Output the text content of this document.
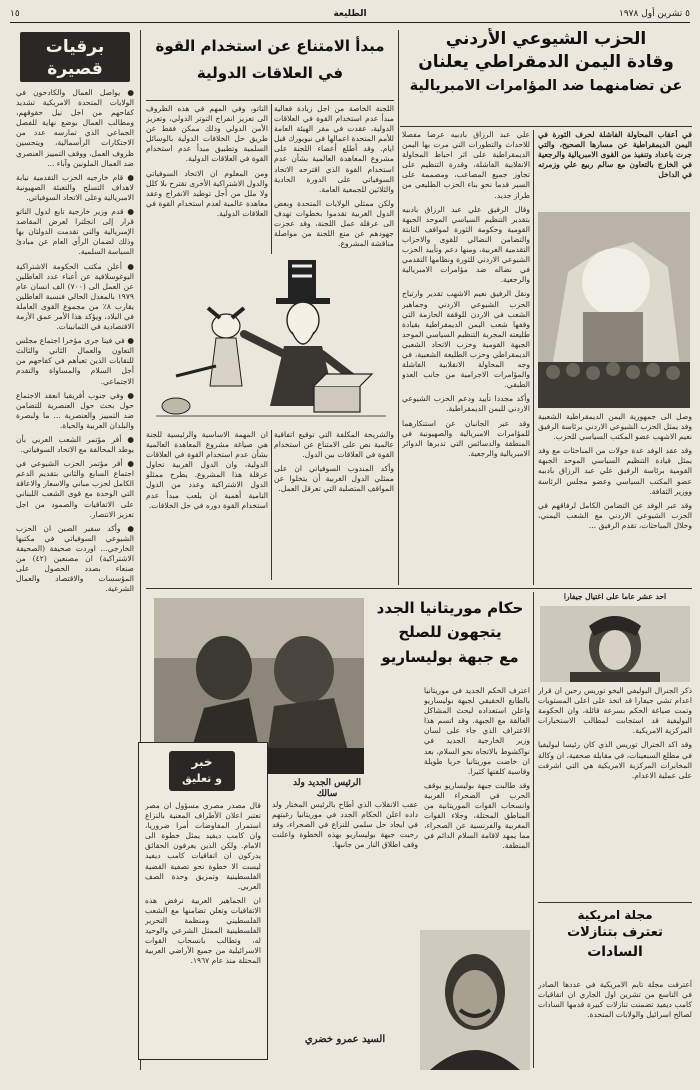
٥ تشرين أول ١٩٧٨
الطليعة
١٥
برقيات قصيرة

● يواصل العمال والكادحون في الولايات المتحدة الامريكية تشديد كفاحهم من اجل نيل حقوقهم، ومطالب العمال بوضع نهاية للفصل الجماعي الذي تمارسه عدد من الاحتكارات الرأسمالية، ويتحسين ظروف العمل، ووقف التمييز العنصري ضد العمال الملونين وآباء ...

● قام خارجيه الحزب التقدمية نيابة لاهداف التسلح والتعبئة الصهيونية الامبريالية وعلى الاتحاد السوفياتي.

● قدم وزير خارجية تابع لدول الناتو قرار إلى انجلترا لعرض المقاصد الإمبريالية والتي تقدمت الدولتان بها وذلك لضمان الرأي العام عن مبادئ السياسة السلمية.

● أعلن مكتب الحكومة الاشتراكية اليوغوسلافية عن أعباء عدد العاطلين عن العمل الى (٧٠٠) الف انسان عام ١٩٧٩ بالمعدل الحالي فنسبة العاطلين يقارب ٨٪ من مجموع القوى العاملة في البلاد، ويؤكد هذا الأمر عمق الأزمة الاقتصادية في الثمانينات.

● في فينا جرى مؤخرا اجتماع مجلس التعاون والعمال الثاني والثالث للنقابات الذين تعبأهم في كفاحهم من أجل السلام والمساواة والتقدم الاجتماعي.

● وفي جنوب أفريقيا انعقد الاجتماع حول بحث حول العنصرية للتضامن ضد التمييز والعنصرية ... ما ولبصرة والبلدان العربية والحياة.

● أقر مؤتمر الشعب العربي بأن يوطد المحالفة مع الاتحاد السوفياتي.

● أقر مؤتمر الحزب الشيوعي في اجتماع السابع والثاني بتقديم الدعم الكامل لحزب مباني والاسعار والاعاقة التي الوحدة مع قوى الشعب اللبناني على الاتفاقيات والصمود من اجل تعزيز الانتصار.

● وأكد سفير الصين ان الحزب الشيوعي السوفياتي في مكتبها الخارجي... اوردت صحيفة (الصحيفة الاشتراكية) ان مصنعين (٤٢) من صنعاء بصدد الحصول على المؤسسات والاقتصاد والعمال الشرعية.

الحزب الشيوعي الأردني

وقادة اليمن الدمقراطي يعلنان

عن تضامنهما ضد المؤامرات الامبريالية

في أعقاب المحاولة الفاشلة لحرف الثورة في اليمن الديمقراطية عن مسارها الصحيح، والتي جرت باعداد وتنفيذ من القوى الامبريالية والرجعية في الخارج بالتعاون مع سالم ربيع علي وزمرته في الداخل

وصل الى جمهورية اليمن الديمقراطية الشعبية وفد يمثل الحزب الشيوعي الاردني برئاسة الرفيق نعيم الاشهب عضو المكتب السياسي للحزب.

وقد عقد الوفد عدة جولات من المباحثات مع وفد يمثل قيادة التنظيم السياسي الموحد الجبهة القومية برئاسة الرفيق علي عبد الرزاق بادبيه عضو المكتب السياسي وعضو مجلس الرئاسة ووزير الثقافة.

وقد عبر الوفد عن التضامن الكامل لرفاقهم في الحزب الشيوعي الاردني مع الشعب اليمني، وخلال المباحثات، تقدم الرفيق ...

علي عبد الرزاق بادبيه عرضا مفصلا للاحداث والتطورات التي مرت بها اليمن الديمقراطية على اثر احباط المحاولة الانقلابية الفاشلة، وقدرة التنظيم على تجاوز جميع المصاعب، ومصممة على السير قدما نحو بناء الحزب الطليعي من طراز جديد.

وقال الرفيق علي عبد الرزاق بادبيه بتقدير التنظيم السياسي الموحد الجبهة القومية وحكومة الثورة لمواقف الثابتة والتضامن النضالي للقوى والاحزاب التقدمية العربية، ومنها دعم وتأييد الحزب الشيوعي الاردني للثورة ونظامها التقدمي في نضاله ضد مؤامرات الامبريالية والرجعية.

ونقل الرفيق نعيم الاشهب تقدير وارتياح الحزب الشيوعي الاردني وجماهير الشعب في الاردن للوقفة الحازمة التي وقفها شعب اليمن الديمقراطية بقيادة طليعته المجربة التنظيم السياسي الموحد الجبهة القومية وحزب الاتحاد الشعبي الديمقراطي وحزب الطليعة الشعبية، في وجه المحاولة الانقلابية الفاشلة والمؤامرات الاجرامية من جانب العدو الطبقي.

وأكد مجددا تأييد ودعم الحزب الشيوعي الاردني لليمن الديمقراطية.

وقد عبر الجانبان عن استنكارهما للمؤامرات الامبريالية والصهيونية في المنطقة والدسائس التي تدبرها الدوائر الامبريالية والرجعية.

مبدأ الامتناع عن استخدام القوة

في العلاقات الدولية

اللجنة الخاصة من اجل زيادة فعالية مبدأ عدم استخدام القوة في العلاقات الدولية، عقدت في مقر الهيئة العامة للأمم المتحدة اعمالها في نيويورك قبل ايام. وقد أطلع أعضاء اللجنة على مشروع المعاهدة العالمية بشأن عدم استخدام القوة الذي اقترحه الاتحاد السوفياتي على الدورة الحادية والثلاثين للجمعية العامة.

ولكن ممثلي الولايات المتحدة وبعض الدول الغربية تقدموا بخطوات تهدف الى عرقلة عمل اللجنة، وقد عجزت جهودهم عن منع اللجنة من مواصلة مناقشة المشروع.

الناتو، وفي المهم في هذه الظروف الى تعزيز انفراج التوتر الدولي، وتعزيز الأمن الدولي وذلك ممكن فقط عن طريق حل الخلافات الدولية بالوسائل السلمية وتطبيق مبدأ عدم استخدام القوة في العلاقات الدولية.

ومن المعلوم ان الاتحاد السوفياتي والدول الاشتراكية الأخرى تقترح بلا كلل ولا ملل من أجل توطيد الانفراج وعقد معاهدة عالمية لعدم استخدام القوة في العلاقات الدولية.

والشريحة المكلفة التي توقيع اتفاقية عالمية نص على الامتناع عن استخدام القوة في العلاقات بين الدول.

وأكد المندوب السوفياتي ان على ممثلي الدول الغربية أن يتخلوا عن المواقف المتصلبة التي تعرقل العمل.

ان المهمة الاساسية والرئيسية للجنة هي صياغة مشروع المعاهدة العالمية بشأن عدم استخدام القوة في العلاقات الدولية، وان الدول الغربية تحاول عرقلة هذا المشروع. يطرح ممثلو الدول الاشتراكية وعدد من الدول النامية أهمية ان يلعب مبدأ عدم استخدام القوة دوره في حل الخلافات.

احد عشر عاما على اغتيال جيفارا

ذكر الجنرال البوليفي اليخو توريس رحين ان قرار اعدام تشي جيفارا قد اتخذ على اعلى المستويات وتمت صياغة الحكم بسرعة قائلة، وان الحكومة البوليفية قد استجابت لمطالب الاستخبارات المركزية الامريكية.

وقد اكد الجنرال توريس الذي كان رئيسا لبوليفيا في مطلع السبعينات، في مقابلة صحفية، ان وكالة المخابرات المركزية الامريكية هي التي اشرفت على عملية الاعدام.

مجلة امريكية

تعترف بتنازلات

السادات

أعترفت مجلة تايم الامريكية في عددها الصادر في التاسع من تشرين اول الجاري ان اتفاقيات كامب ديفيد تضمنت تنازلات كبيرة قدمها السادات لصالح اسرائيل والولايات المتحدة.

حكام موريتانيا الجدد

يتجهون للصلح

مع جبهة بوليساريو

الرئيس الجديد ولد سالك

اعترف الحكم الجديد في موريتانيا بالطابع الحقيقي لجبهة بوليساريو واعلن استعداده لبحث المشاكل العالقة مع الجبهة. وقد اتسم هذا الاعتراف الذي جاء على لسان وزير الخارجية الجديد في نواكشوط بالاتجاه نحو السلام، بعد ان خاضت موريتانيا حربا طويلة وقاسية كلفتها كثيرا.

وقد طالبت جبهة بوليساريو بوقف الحرب في الصحراء الغربية وانسحاب القوات الموريتانية من المناطق المحتلة، وجلاء القوات المغربية والفرنسية عن الصحراء، مما يمهد لاقامة السلام الدائم في المنطقة.

عقب الانقلاب الذي أطاح بالرئيس المختار ولد داده اعلن الحكام الجدد في موريتانيا رغبتهم في ايجاد حل سلمي للنزاع في الصحراء، وقد رحبت جبهة بوليساريو بهذه الخطوة واعلنت وقف اطلاق النار من جانبها.

خبر
و تعليق

قال مصدر مصري مسؤول ان مصر تعتبر اعلان الأطراف المعنية بالنزاع استمرار المفاوضات أمرا ضروريا، وان كامب ديفيد يمثل خطوة الى الامام. ولكن الذين يعرفون الحقائق يدركون ان اتفاقيات كامب ديفيد ليست الا خطوة نحو تصفية القضية الفلسطينية وتمزيق وحدة الصف العربي.

ان الجماهير العربية ترفض هذه الاتفاقيات وتعلن تضامنها مع الشعب الفلسطيني ومنظمة التحرير الفلسطينية الممثل الشرعي والوحيد له، وتطالب بانسحاب القوات الاسرائيلية من جميع الأراضي العربية المحتلة منذ عام ١٩٦٧.

السيد عمرو خضري
